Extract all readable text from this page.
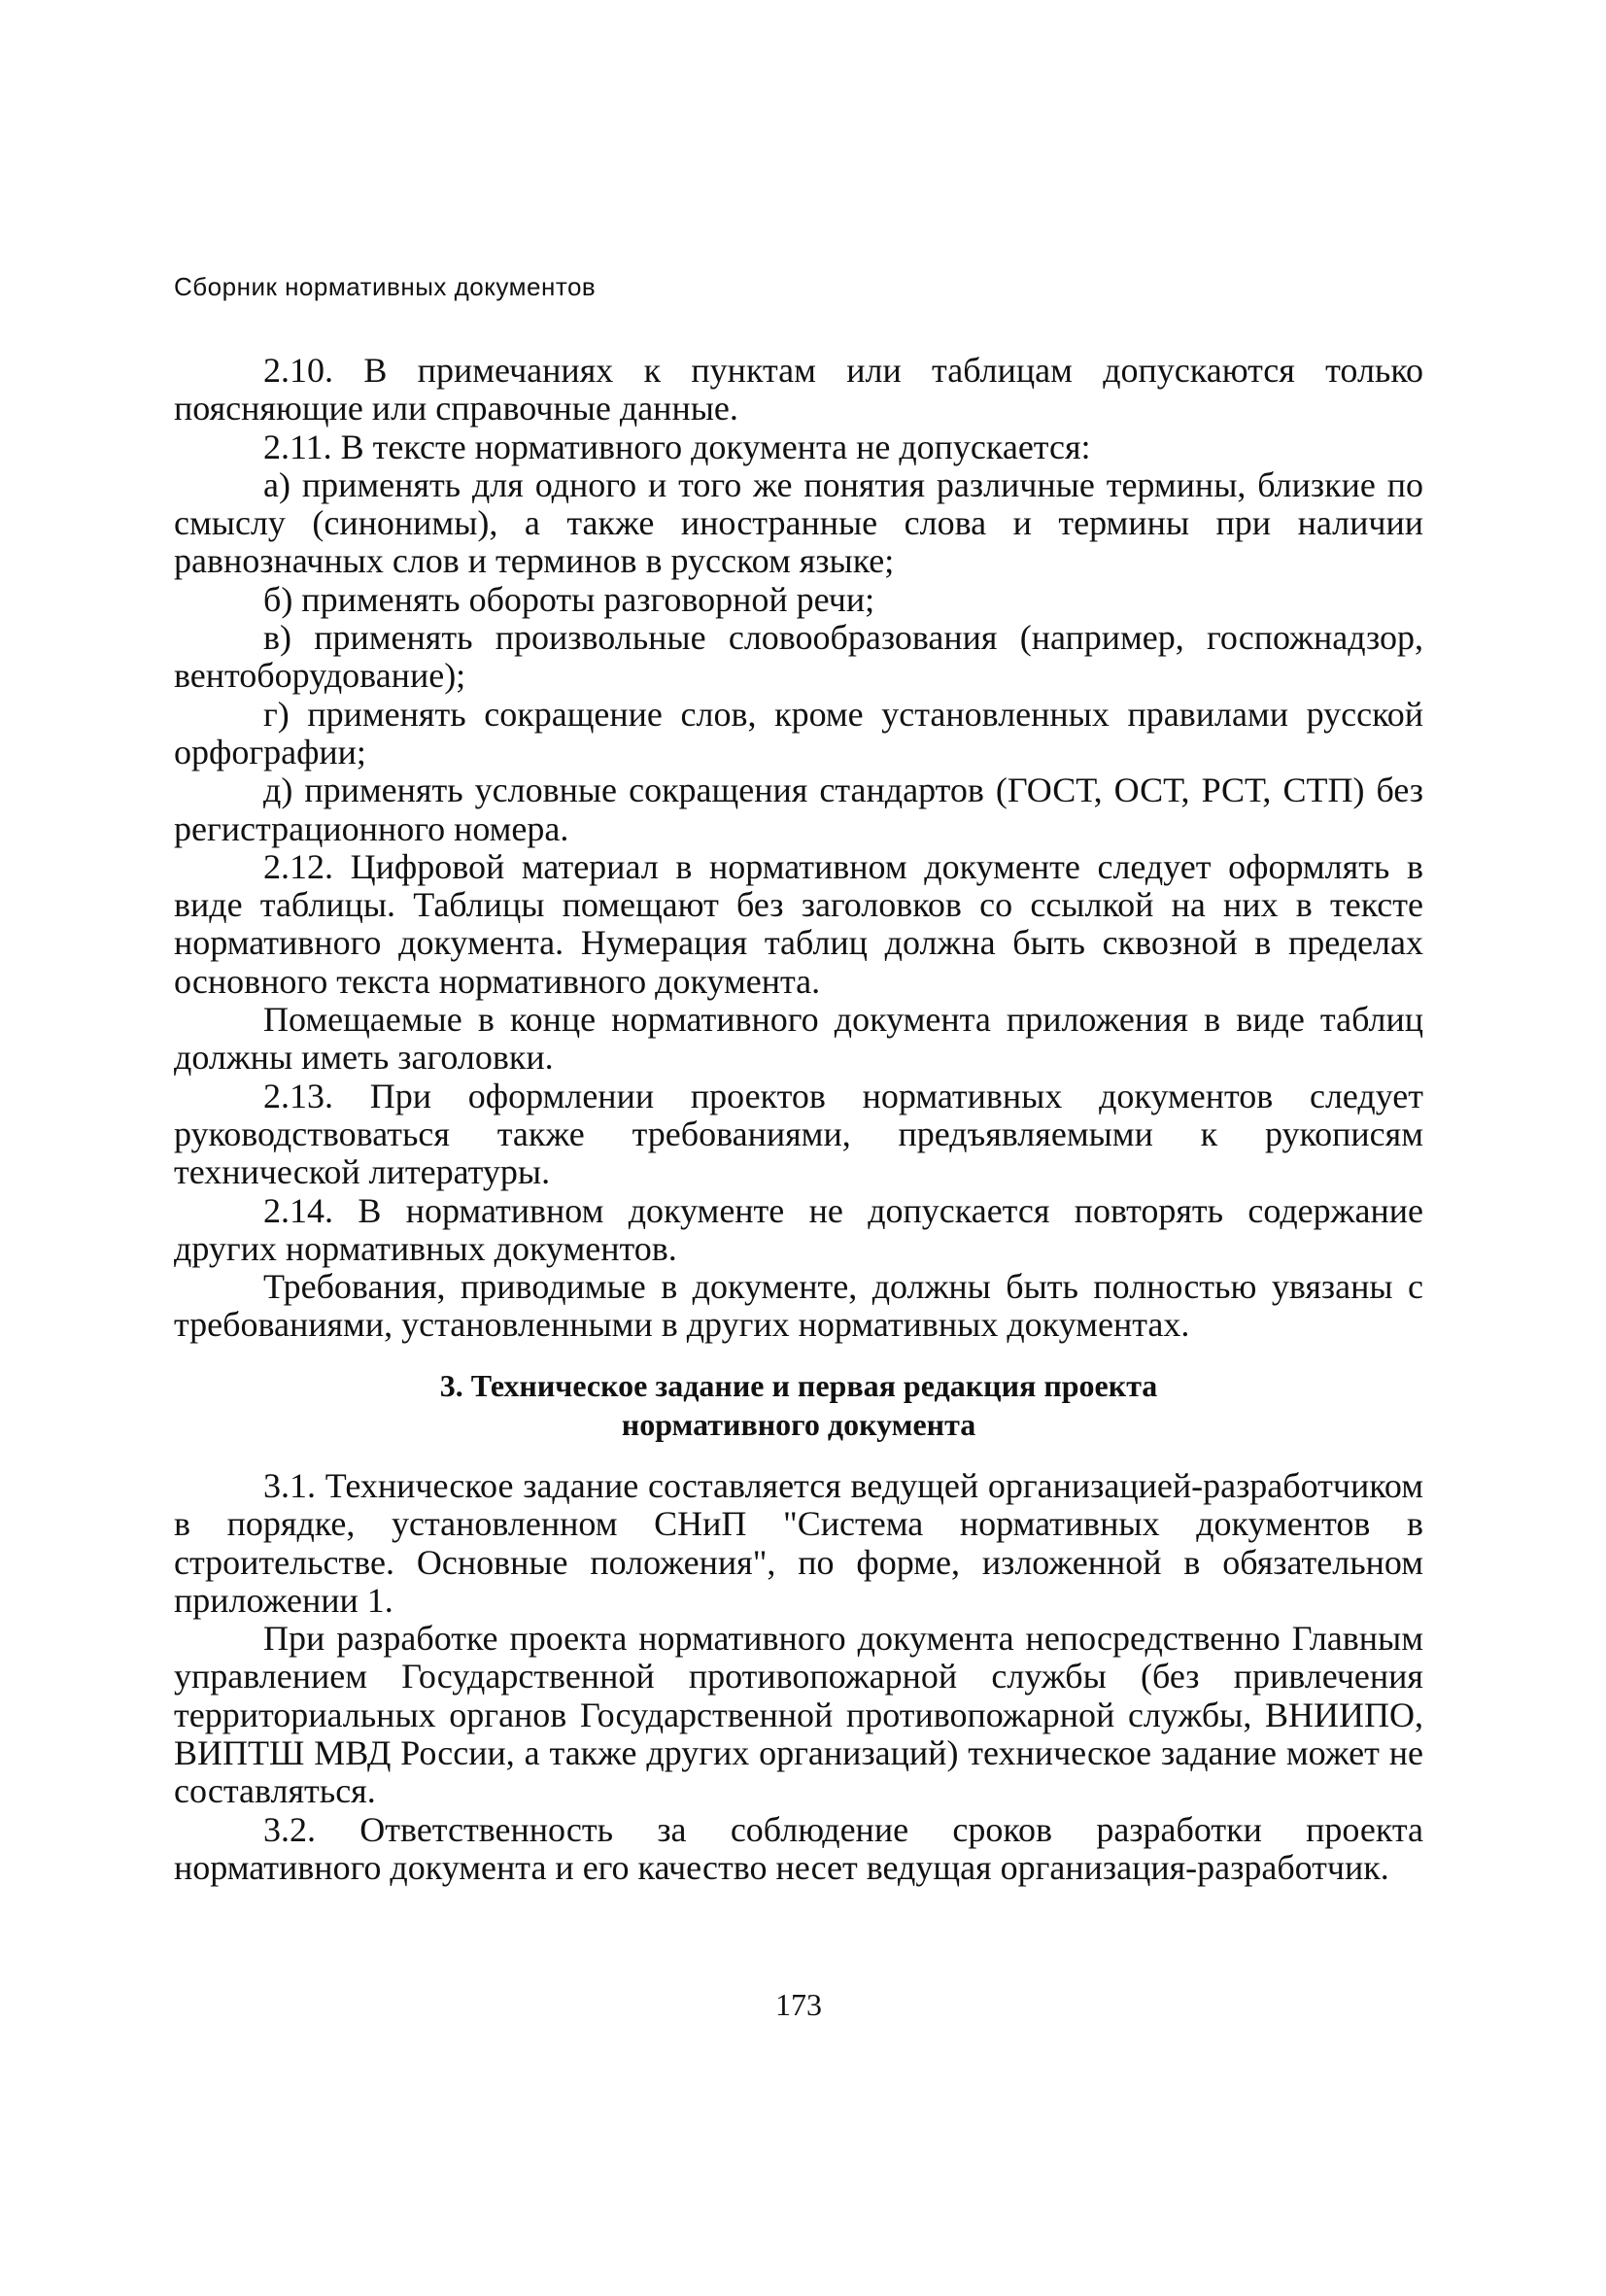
Сборник нормативных документов

2.10. В примечаниях к пунктам или таблицам допускаются только поясняющие или справочные данные.

2.11. В тексте нормативного документа не допускается:

а) применять для одного и того же понятия различные термины, близкие по смыслу (синонимы), а также иностранные слова и термины при наличии равнозначных слов и терминов в русском языке;

б) применять обороты разговорной речи;

в) применять произвольные словообразования (например, госпожнадзор, вентоборудование);

г) применять сокращение слов, кроме установленных правилами русской орфографии;

д) применять условные сокращения стандартов (ГОСТ, ОСТ, РСТ, СТП) без регистрационного номера.

2.12. Цифровой материал в нормативном документе следует оформлять в виде таблицы. Таблицы помещают без заголовков со ссылкой на них в тексте нормативного документа. Нумерация таблиц должна быть сквозной в пределах основного текста нормативного документа.

Помещаемые в конце нормативного документа приложения в виде таблиц должны иметь заголовки.

2.13. При оформлении проектов нормативных документов следует руководствоваться также требованиями, предъявляемыми к рукописям технической литературы.

2.14. В нормативном документе не допускается повторять содержание других нормативных документов.

Требования, приводимые в документе, должны быть полностью увязаны с требованиями, установленными в других нормативных документах.

3. Техническое задание и первая редакция проекта
нормативного документа

3.1. Техническое задание составляется ведущей организацией-разработчиком в порядке, установленном СНиП "Система нормативных документов в строительстве. Основные положения", по форме, изложенной в обязательном приложении 1.

При разработке проекта нормативного документа непосредственно Главным управлением Государственной противопожарной службы (без привлечения территориальных органов Государственной противопожарной службы, ВНИИПО, ВИПТШ МВД России, а также других организаций) техническое задание может не составляться.

3.2. Ответственность за соблюдение сроков разработки проекта нормативного документа и его качество несет ведущая организация-разработчик.

173
